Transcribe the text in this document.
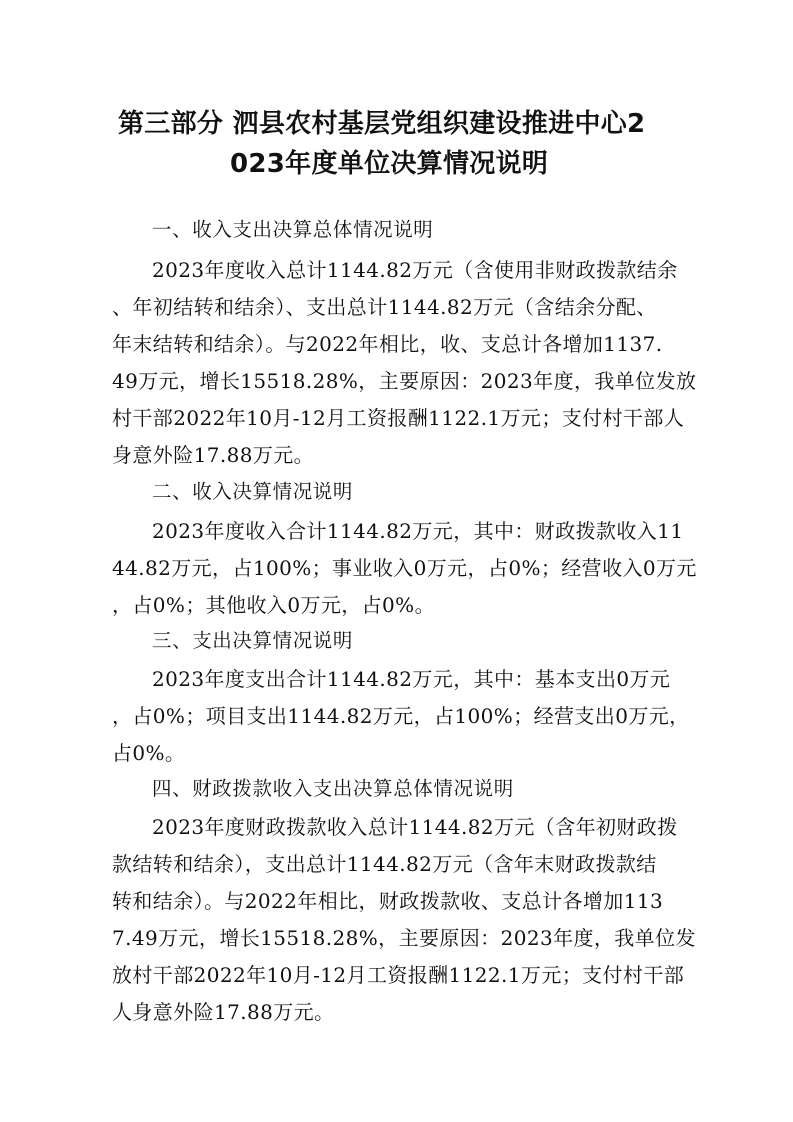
第三部分 泗县农村基层党组织建设推进中心2
023年度单位决算情况说明
一、收入支出决算总体情况说明
2023年度收入总计1144.82万元（含使用非财政拨款结余
、年初结转和结余）、支出总计1144.82万元（含结余分配、
年末结转和结余）。与2022年相比，收、支总计各增加1137.
49万元，增长15518.28%，主要原因：2023年度，我单位发放
村干部2022年10月-12月工资报酬1122.1万元；支付村干部人
身意外险17.88万元。
二、收入决算情况说明
2023年度收入合计1144.82万元，其中：财政拨款收入11
44.82万元，占100%；事业收入0万元，占0%；经营收入0万元
，占0%；其他收入0万元，占0%。
三、支出决算情况说明
2023年度支出合计1144.82万元，其中：基本支出0万元
，占0%；项目支出1144.82万元，占100%；经营支出0万元，
占0%。
四、财政拨款收入支出决算总体情况说明
2023年度财政拨款收入总计1144.82万元（含年初财政拨
款结转和结余），支出总计1144.82万元（含年末财政拨款结
转和结余）。与2022年相比，财政拨款收、支总计各增加113
7.49万元，增长15518.28%，主要原因：2023年度，我单位发
放村干部2022年10月-12月工资报酬1122.1万元；支付村干部
人身意外险17.88万元。
